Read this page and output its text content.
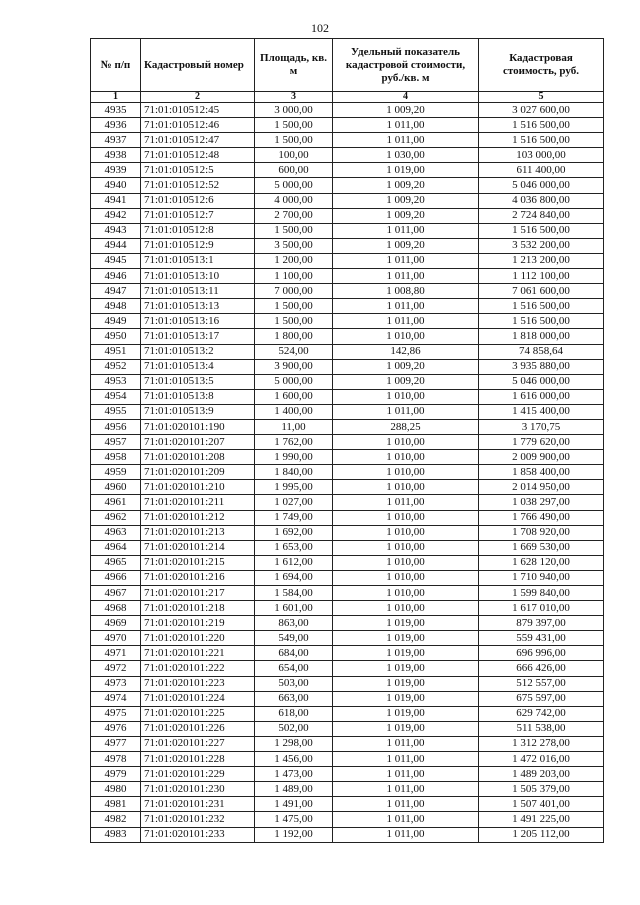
102
№ п/п	Кадастровый номер	Площадь, кв. м	Удельный показатель кадастровой стоимости, руб./кв. м	Кадастровая стоимость, руб.
1	2	3	4	5
4935	71:01:010512:45	3 000,00	1 009,20	3 027 600,00
4936	71:01:010512:46	1 500,00	1 011,00	1 516 500,00
4937	71:01:010512:47	1 500,00	1 011,00	1 516 500,00
4938	71:01:010512:48	100,00	1 030,00	103 000,00
4939	71:01:010512:5	600,00	1 019,00	611 400,00
4940	71:01:010512:52	5 000,00	1 009,20	5 046 000,00
4941	71:01:010512:6	4 000,00	1 009,20	4 036 800,00
4942	71:01:010512:7	2 700,00	1 009,20	2 724 840,00
4943	71:01:010512:8	1 500,00	1 011,00	1 516 500,00
4944	71:01:010512:9	3 500,00	1 009,20	3 532 200,00
4945	71:01:010513:1	1 200,00	1 011,00	1 213 200,00
4946	71:01:010513:10	1 100,00	1 011,00	1 112 100,00
4947	71:01:010513:11	7 000,00	1 008,80	7 061 600,00
4948	71:01:010513:13	1 500,00	1 011,00	1 516 500,00
4949	71:01:010513:16	1 500,00	1 011,00	1 516 500,00
4950	71:01:010513:17	1 800,00	1 010,00	1 818 000,00
4951	71:01:010513:2	524,00	142,86	74 858,64
4952	71:01:010513:4	3 900,00	1 009,20	3 935 880,00
4953	71:01:010513:5	5 000,00	1 009,20	5 046 000,00
4954	71:01:010513:8	1 600,00	1 010,00	1 616 000,00
4955	71:01:010513:9	1 400,00	1 011,00	1 415 400,00
4956	71:01:020101:190	11,00	288,25	3 170,75
4957	71:01:020101:207	1 762,00	1 010,00	1 779 620,00
4958	71:01:020101:208	1 990,00	1 010,00	2 009 900,00
4959	71:01:020101:209	1 840,00	1 010,00	1 858 400,00
4960	71:01:020101:210	1 995,00	1 010,00	2 014 950,00
4961	71:01:020101:211	1 027,00	1 011,00	1 038 297,00
4962	71:01:020101:212	1 749,00	1 010,00	1 766 490,00
4963	71:01:020101:213	1 692,00	1 010,00	1 708 920,00
4964	71:01:020101:214	1 653,00	1 010,00	1 669 530,00
4965	71:01:020101:215	1 612,00	1 010,00	1 628 120,00
4966	71:01:020101:216	1 694,00	1 010,00	1 710 940,00
4967	71:01:020101:217	1 584,00	1 010,00	1 599 840,00
4968	71:01:020101:218	1 601,00	1 010,00	1 617 010,00
4969	71:01:020101:219	863,00	1 019,00	879 397,00
4970	71:01:020101:220	549,00	1 019,00	559 431,00
4971	71:01:020101:221	684,00	1 019,00	696 996,00
4972	71:01:020101:222	654,00	1 019,00	666 426,00
4973	71:01:020101:223	503,00	1 019,00	512 557,00
4974	71:01:020101:224	663,00	1 019,00	675 597,00
4975	71:01:020101:225	618,00	1 019,00	629 742,00
4976	71:01:020101:226	502,00	1 019,00	511 538,00
4977	71:01:020101:227	1 298,00	1 011,00	1 312 278,00
4978	71:01:020101:228	1 456,00	1 011,00	1 472 016,00
4979	71:01:020101:229	1 473,00	1 011,00	1 489 203,00
4980	71:01:020101:230	1 489,00	1 011,00	1 505 379,00
4981	71:01:020101:231	1 491,00	1 011,00	1 507 401,00
4982	71:01:020101:232	1 475,00	1 011,00	1 491 225,00
4983	71:01:020101:233	1 192,00	1 011,00	1 205 112,00
